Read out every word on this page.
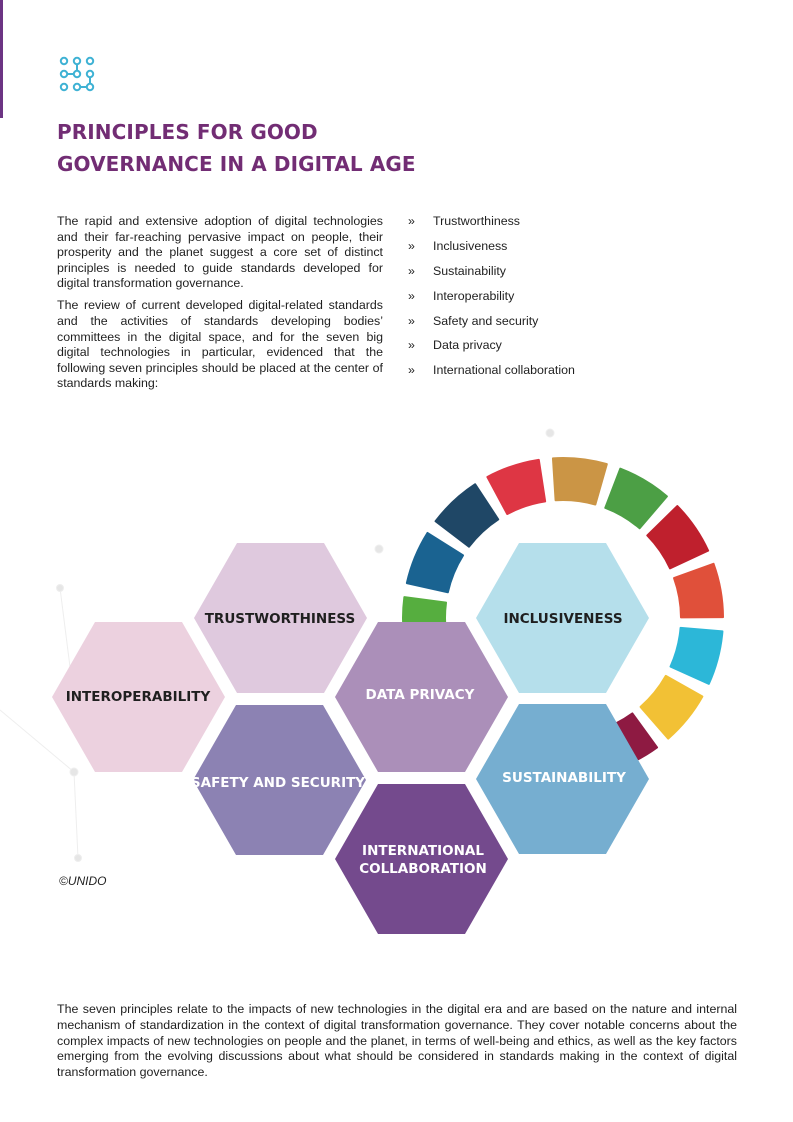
PRINCIPLES FOR GOOD
GOVERNANCE IN A DIGITAL AGE

The rapid and extensive adoption of digital technologies and their far-reaching pervasive impact on people, their prosperity and the planet suggest a core set of distinct principles is needed to guide standards developed for digital transformation governance.

The review of current developed digital-related standards and the activities of standards developing bodies’ committees in the digital space, and for the seven big digital technologies in particular, evidenced that the following seven principles should be placed at the center of standards making:

» Trustworthiness
» Inclusiveness
» Sustainability
» Interoperability
» Safety and security
» Data privacy
» International collaboration
TRUSTWORTHINESS	INCLUSIVENESS
INTEROPERABILITY	DATA PRIVACY
SAFETY AND SECURITY	SUSTAINABILITY
INTERNATIONAL
COLLABORATION
©UNIDO

The seven principles relate to the impacts of new technologies in the digital era and are based on the nature and internal mechanism of standardization in the context of digital transformation governance. They cover notable concerns about the complex impacts of new technologies on people and the planet, in terms of well-being and ethics, as well as the key factors emerging from the evolving discussions about what should be considered in standards making in the context of digital transformation governance.
